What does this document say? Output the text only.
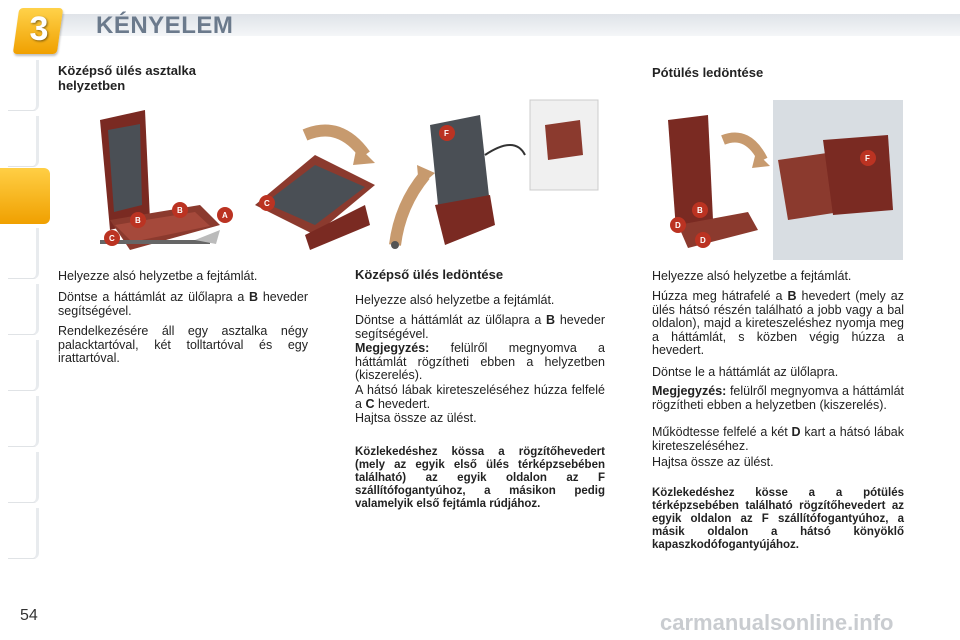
3 KÉNYELEM
Középső ülés asztalka helyzetben
B
B
A
C
C
F
B
D
D
F
Helyezze alsó helyzetbe a fejtámlát.
Döntse a háttámlát az ülőlapra a B heveder segítségével.
Rendelkezésére áll egy asztalka négy palacktartóval, két tolltartóval és egy irattartóval.
Középső ülés ledöntése
Helyezze alsó helyzetbe a fejtámlát.
Döntse a háttámlát az ülőlapra a B heveder segítségével.
Megjegyzés: felülről megnyomva a háttámlát rögzítheti ebben a helyzetben (kiszerelés).
A hátsó lábak kireteszeléséhez húzza felfelé a C hevedert.
Hajtsa össze az ülést.
Közlekedéshez kössa a rögzítőhevedert (mely az egyik első ülés térképzsebében található) az egyik oldalon az F szállítófogantyúhoz, a másikon pedig valamelyik első fejtámla rúdjához.
Pótülés ledöntése
Helyezze alsó helyzetbe a fejtámlát.
Húzza meg hátrafelé a B hevedert (mely az ülés hátsó részén található a jobb vagy a bal oldalon), majd a kireteszeléshez nyomja meg a háttámlát, s közben végig húzza a hevedert.
Döntse le a háttámlát az ülőlapra.
Megjegyzés: felülről megnyomva a háttámlát rögzítheti ebben a helyzetben (kiszerelés).
Működtesse felfelé a két D kart a hátsó lábak kireteszeléséhez.
Hajtsa össze az ülést.
Közlekedéshez kösse a a pótülés térképzsebében található rögzítőhevedert az egyik oldalon az F szállítófogantyúhoz, a másik oldalon a hátsó könyöklő kapaszkodófogantyújához.
54	carmanualsonline.info
